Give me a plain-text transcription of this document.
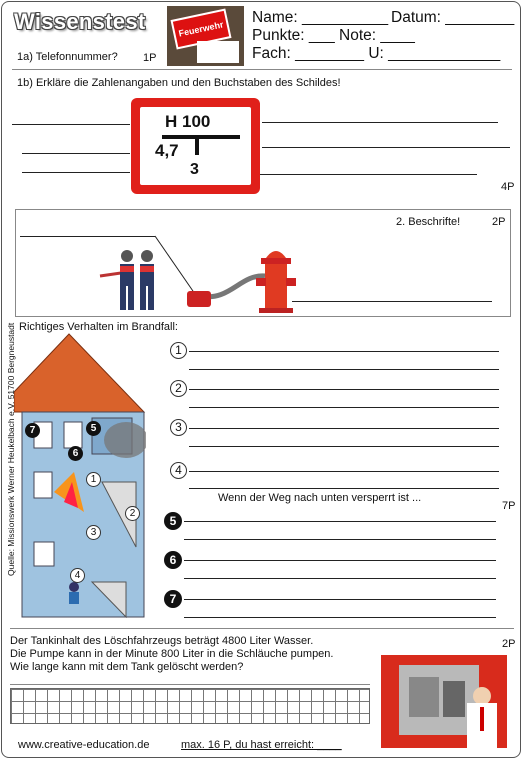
Wissenstest	Feuerwehr
Name: __________ Datum: ________
Punkte: ___ Note: ____
Fach: ________ U: _____________
1a) Telefonnummer? 1P
1b) Erkläre die Zahlenangaben und den Buchstaben des Schildes!
H 100
4,7
3
4P
2. Beschrifte!	2P
Richtiges Verhalten im Brandfall:
Quelle: Missionswerk Werner Heukelbach e.V. 51700 Bergneustadt	7	5
6
1
2
3
4
1
2
3
4
Wenn der Weg nach unten versperrt ist ...
7P
5
6
7
Der Tankinhalt des Löschfahrzeugs beträgt 4800 Liter Wasser.
Die Pumpe kann in der Minute 800 Liter in die Schläuche pumpen.
Wie lange kann mit dem Tank gelöscht werden?
2P
www.creative-education.de	max. 16 P, du hast erreicht: ____
